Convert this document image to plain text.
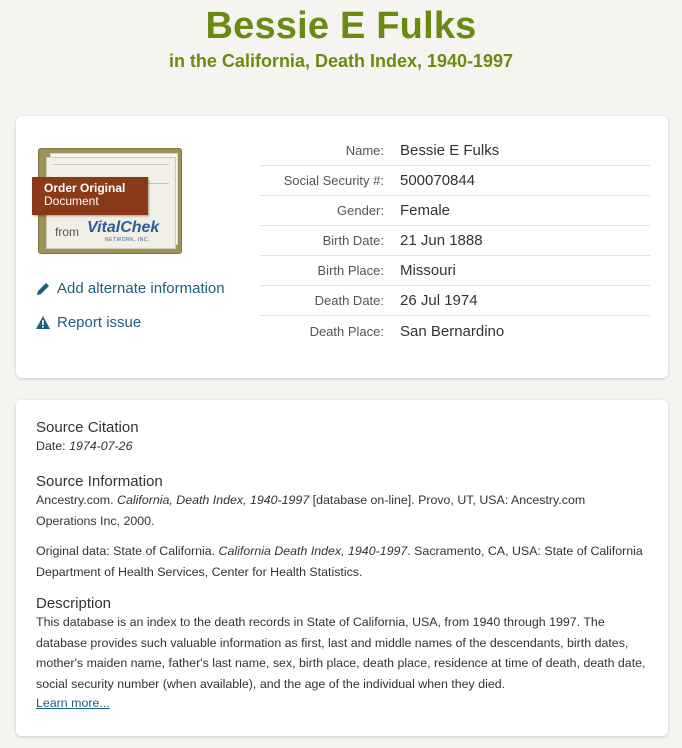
Bessie E Fulks
in the California, Death Index, 1940-1997
Order Original
Document
from VitalChek
NETWORK, INC.
Add alternate information
Report issue
Name:	Bessie E Fulks
Social Security #:	500070844
Gender:	Female
Birth Date:	21 Jun 1888
Birth Place:	Missouri
Death Date:	26 Jul 1974
Death Place:	San Bernardino
Source Citation
Date: 1974-07-26
Source Information
Ancestry.com. California, Death Index, 1940-1997 [database on-line]. Provo, UT, USA: Ancestry.com Operations Inc, 2000.
Original data: State of California. California Death Index, 1940-1997. Sacramento, CA, USA: State of California Department of Health Services, Center for Health Statistics.
Description
This database is an index to the death records in State of California, USA, from 1940 through 1997. The database provides such valuable information as first, last and middle names of the descendants, birth dates, mother's maiden name, father's last name, sex, birth place, death place, residence at time of death, death date, social security number (when available), and the age of the individual when they died.
Learn more...
